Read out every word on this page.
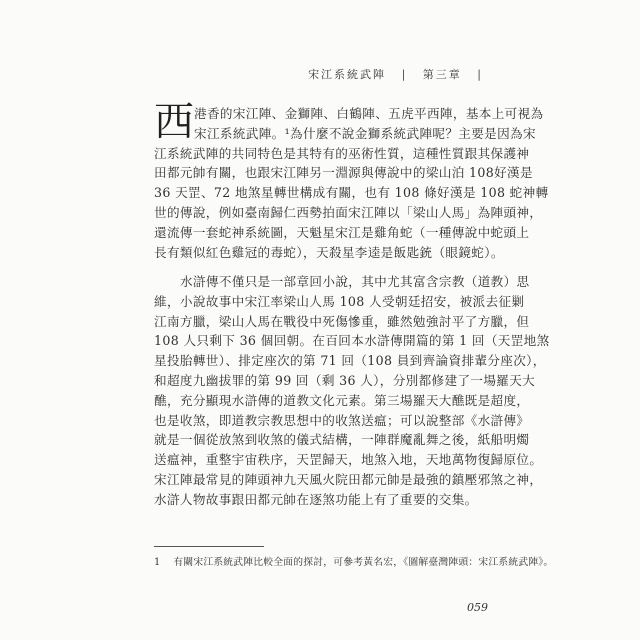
宋江系統武陣 | 第三章 |
西 港香的宋江陣、金獅陣、白鶴陣、五虎平西陣，基本上可視為
宋江系統武陣。¹為什麼不說金獅系統武陣呢？主要是因為宋
江系統武陣的共同特色是其特有的巫術性質，這種性質跟其保護神
田都元帥有關，也跟宋江陣另一淵源與傳說中的梁山泊 108好漢是
36 天罡、72 地煞星轉世構成有關，也有 108 條好漢是 108 蛇神轉
世的傳說，例如臺南歸仁西勢拍面宋江陣以「梁山人馬」為陣頭神，
還流傳一套蛇神系統圖，天魁星宋江是雞角蛇（一種傳說中蛇頭上
長有類似紅色雞冠的毒蛇），天殺星李逵是飯匙銃（眼鏡蛇）。
水滸傳不僅只是一部章回小說，其中尤其富含宗教（道教）思
維，小說故事中宋江率梁山人馬 108 人受朝廷招安，被派去征剿
江南方臘，梁山人馬在戰役中死傷慘重，雖然勉強討平了方臘，但
108 人只剩下 36 個回朝。在百回本水滸傳開篇的第 1 回（天罡地煞
星投胎轉世）、排定座次的第 71 回（108 員到齊論資排輩分座次），
和超度九幽拔罪的第 99 回（剩 36 人），分別都修建了一場羅天大
醮，充分顯現水滸傳的道教文化元素。第三場羅天大醮既是超度，
也是收煞，即道教宗教思想中的收煞送瘟；可以說整部《水滸傳》
就是一個從放煞到收煞的儀式結構，一陣群魔亂舞之後，紙船明燭
送瘟神，重整宇宙秩序，天罡歸天，地煞入地，天地萬物復歸原位。
宋江陣最常見的陣頭神九天風火院田都元帥是最強的鎮壓邪煞之神，
水滸人物故事跟田都元帥在逐煞功能上有了重要的交集。
1 有關宋江系統武陣比較全面的探討，可參考黃名宏，《圖解臺灣陣頭：宋江系統武陣》。
059
